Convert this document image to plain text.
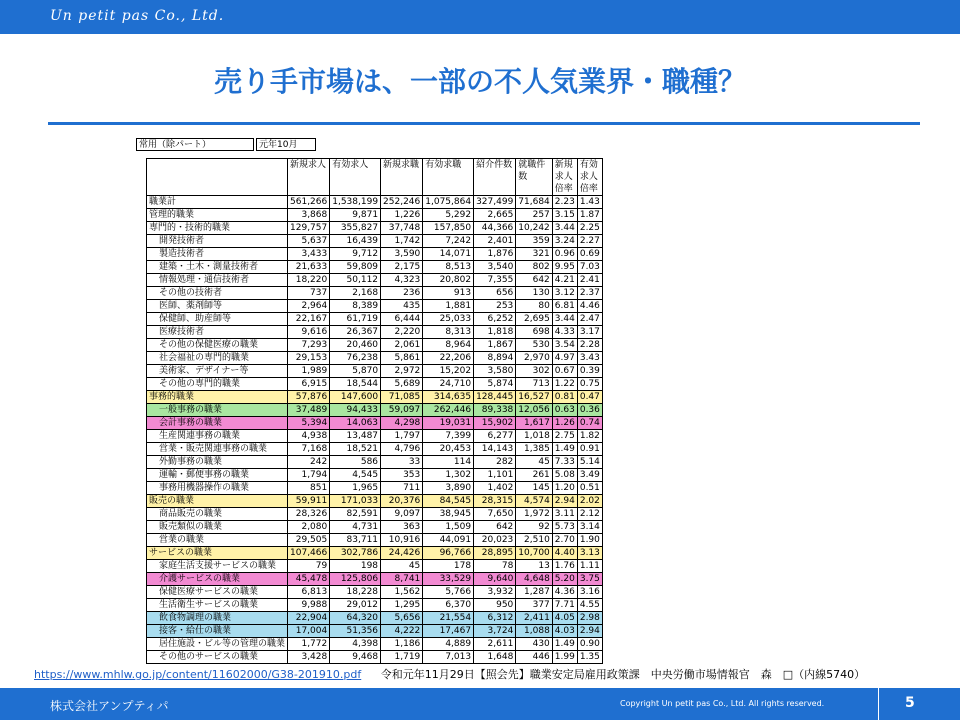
Un petit pas Co., Ltd.
売り手市場は、一部の不人気業界・職種？
常用（除パート）	元年10月
	新規求人	有効求人	新規求職	有効求職	紹介件数	就職件数	新規求人倍率	有効求人倍率
職業計	561,266	1,538,199	252,246	1,075,864	327,499	71,684	2.23	1.43
管理的職業	3,868	9,871	1,226	5,292	2,665	257	3.15	1.87
専門的・技術的職業	129,757	355,827	37,748	157,850	44,366	10,242	3.44	2.25
開発技術者	5,637	16,439	1,742	7,242	2,401	359	3.24	2.27
製造技術者	3,433	9,712	3,590	14,071	1,876	321	0.96	0.69
建築・土木・測量技術者	21,633	59,809	2,175	8,513	3,540	802	9.95	7.03
情報処理・通信技術者	18,220	50,112	4,323	20,802	7,355	642	4.21	2.41
その他の技術者	737	2,168	236	913	656	130	3.12	2.37
医師、薬剤師等	2,964	8,389	435	1,881	253	80	6.81	4.46
保健師、助産師等	22,167	61,719	6,444	25,033	6,252	2,695	3.44	2.47
医療技術者	9,616	26,367	2,220	8,313	1,818	698	4.33	3.17
その他の保健医療の職業	7,293	20,460	2,061	8,964	1,867	530	3.54	2.28
社会福祉の専門的職業	29,153	76,238	5,861	22,206	8,894	2,970	4.97	3.43
美術家、デザイナー等	1,989	5,870	2,972	15,202	3,580	302	0.67	0.39
その他の専門的職業	6,915	18,544	5,689	24,710	5,874	713	1.22	0.75
事務的職業	57,876	147,600	71,085	314,635	128,445	16,527	0.81	0.47
一般事務の職業	37,489	94,433	59,097	262,446	89,338	12,056	0.63	0.36
会計事務の職業	5,394	14,063	4,298	19,031	15,902	1,617	1.26	0.74
生産関連事務の職業	4,938	13,487	1,797	7,399	6,277	1,018	2.75	1.82
営業・販売関連事務の職業	7,168	18,521	4,796	20,453	14,143	1,385	1.49	0.91
外勤事務の職業	242	586	33	114	282	45	7.33	5.14
運輸・郵便事務の職業	1,794	4,545	353	1,302	1,101	261	5.08	3.49
事務用機器操作の職業	851	1,965	711	3,890	1,402	145	1.20	0.51
販売の職業	59,911	171,033	20,376	84,545	28,315	4,574	2.94	2.02
商品販売の職業	28,326	82,591	9,097	38,945	7,650	1,972	3.11	2.12
販売類似の職業	2,080	4,731	363	1,509	642	92	5.73	3.14
営業の職業	29,505	83,711	10,916	44,091	20,023	2,510	2.70	1.90
サービスの職業	107,466	302,786	24,426	96,766	28,895	10,700	4.40	3.13
家庭生活支援サービスの職業	79	198	45	178	78	13	1.76	1.11
介護サービスの職業	45,478	125,806	8,741	33,529	9,640	4,648	5.20	3.75
保健医療サービスの職業	6,813	18,228	1,562	5,766	3,932	1,287	4.36	3.16
生活衛生サービスの職業	9,988	29,012	1,295	6,370	950	377	7.71	4.55
飲食物調理の職業	22,904	64,320	5,656	21,554	6,312	2,411	4.05	2.98
接客・給仕の職業	17,004	51,356	4,222	17,467	3,724	1,088	4.03	2.94
居住施設・ビル等の管理の職業	1,772	4,398	1,186	4,889	2,611	430	1.49	0.90
その他のサービスの職業	3,428	9,468	1,719	7,013	1,648	446	1.99	1.35
https://www.mhlw.go.jp/content/11602000/G38-201910.pdf 令和元年11月29日【照会先】職業安定局雇用政策課　中央労働市場情報官　森　□（内線5740）
株式会社アンプティパ	Copyright Un petit pas Co., Ltd. All rights reserved.	5
